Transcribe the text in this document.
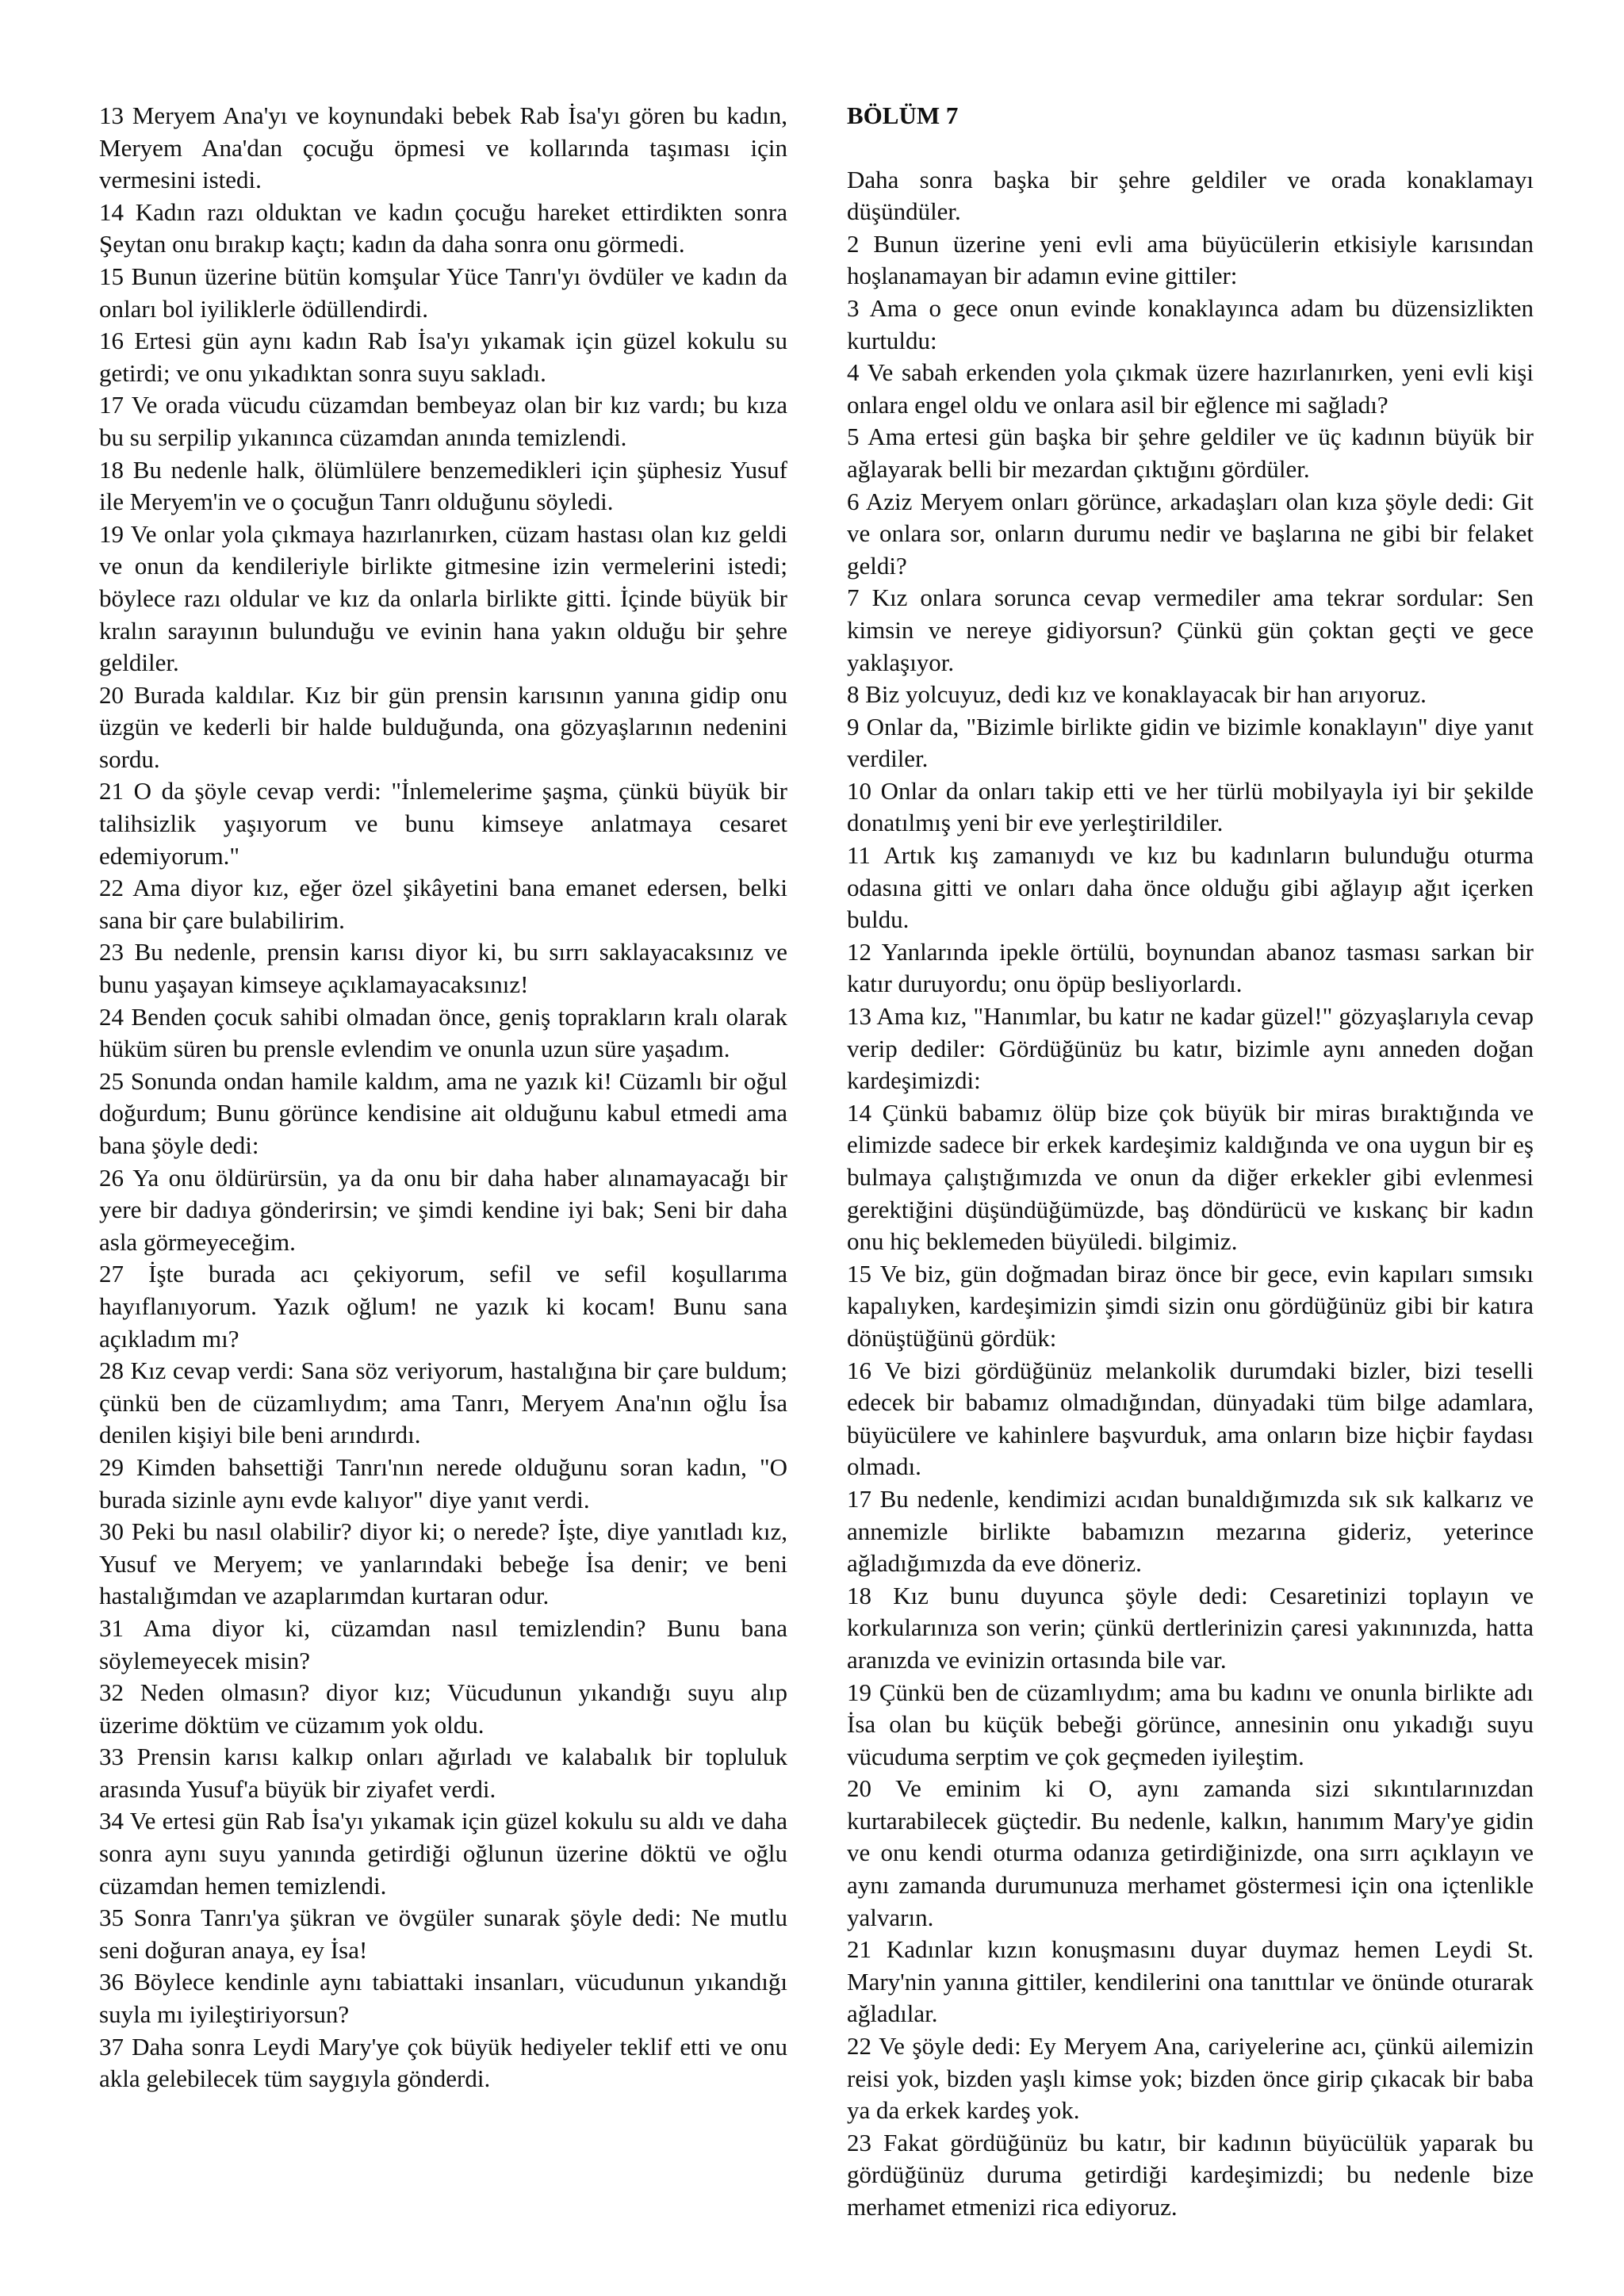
13 Meryem Ana'yı ve koynundaki bebek Rab İsa'yı gören bu kadın, Meryem Ana'dan çocuğu öpmesi ve kollarında taşıması için vermesini istedi.

14 Kadın razı olduktan ve kadın çocuğu hareket ettirdikten sonra Şeytan onu bırakıp kaçtı; kadın da daha sonra onu görmedi.

15 Bunun üzerine bütün komşular Yüce Tanrı'yı övdüler ve kadın da onları bol iyiliklerle ödüllendirdi.

16 Ertesi gün aynı kadın Rab İsa'yı yıkamak için güzel kokulu su getirdi; ve onu yıkadıktan sonra suyu sakladı.

17 Ve orada vücudu cüzamdan bembeyaz olan bir kız vardı; bu kıza bu su serpilip yıkanınca cüzamdan anında temizlendi.

18 Bu nedenle halk, ölümlülere benzemedikleri için şüphesiz Yusuf ile Meryem'in ve o çocuğun Tanrı olduğunu söyledi.

19 Ve onlar yola çıkmaya hazırlanırken, cüzam hastası olan kız geldi ve onun da kendileriyle birlikte gitmesine izin vermelerini istedi; böylece razı oldular ve kız da onlarla birlikte gitti. İçinde büyük bir kralın sarayının bulunduğu ve evinin hana yakın olduğu bir şehre geldiler.

20 Burada kaldılar. Kız bir gün prensin karısının yanına gidip onu üzgün ve kederli bir halde bulduğunda, ona gözyaşlarının nedenini sordu.

21 O da şöyle cevap verdi: "İnlemelerime şaşma, çünkü büyük bir talihsizlik yaşıyorum ve bunu kimseye anlatmaya cesaret edemiyorum."

22 Ama diyor kız, eğer özel şikâyetini bana emanet edersen, belki sana bir çare bulabilirim.

23 Bu nedenle, prensin karısı diyor ki, bu sırrı saklayacaksınız ve bunu yaşayan kimseye açıklamayacaksınız!

24 Benden çocuk sahibi olmadan önce, geniş toprakların kralı olarak hüküm süren bu prensle evlendim ve onunla uzun süre yaşadım.

25 Sonunda ondan hamile kaldım, ama ne yazık ki! Cüzamlı bir oğul doğurdum; Bunu görünce kendisine ait olduğunu kabul etmedi ama bana şöyle dedi:

26 Ya onu öldürürsün, ya da onu bir daha haber alınamayacağı bir yere bir dadıya gönderirsin; ve şimdi kendine iyi bak; Seni bir daha asla görmeyeceğim.

27 İşte burada acı çekiyorum, sefil ve sefil koşullarıma hayıflanıyorum. Yazık oğlum! ne yazık ki kocam! Bunu sana açıkladım mı?

28 Kız cevap verdi: Sana söz veriyorum, hastalığına bir çare buldum; çünkü ben de cüzamlıydım; ama Tanrı, Meryem Ana'nın oğlu İsa denilen kişiyi bile beni arındırdı.

29 Kimden bahsettiği Tanrı'nın nerede olduğunu soran kadın, "O burada sizinle aynı evde kalıyor" diye yanıt verdi.

30 Peki bu nasıl olabilir? diyor ki; o nerede? İşte, diye yanıtladı kız, Yusuf ve Meryem; ve yanlarındaki bebeğe İsa denir; ve beni hastalığımdan ve azaplarımdan kurtaran odur.

31 Ama diyor ki, cüzamdan nasıl temizlendin? Bunu bana söylemeyecek misin?

32 Neden olmasın? diyor kız; Vücudunun yıkandığı suyu alıp üzerime döktüm ve cüzamım yok oldu.

33 Prensin karısı kalkıp onları ağırladı ve kalabalık bir topluluk arasında Yusuf'a büyük bir ziyafet verdi.

34 Ve ertesi gün Rab İsa'yı yıkamak için güzel kokulu su aldı ve daha sonra aynı suyu yanında getirdiği oğlunun üzerine döktü ve oğlu cüzamdan hemen temizlendi.

35 Sonra Tanrı'ya şükran ve övgüler sunarak şöyle dedi: Ne mutlu seni doğuran anaya, ey İsa!

36 Böylece kendinle aynı tabiattaki insanları, vücudunun yıkandığı suyla mı iyileştiriyorsun?

37 Daha sonra Leydi Mary'ye çok büyük hediyeler teklif etti ve onu akla gelebilecek tüm saygıyla gönderdi.

BÖLÜM 7

Daha sonra başka bir şehre geldiler ve orada konaklamayı düşündüler.

2 Bunun üzerine yeni evli ama büyücülerin etkisiyle karısından hoşlanamayan bir adamın evine gittiler:

3 Ama o gece onun evinde konaklayınca adam bu düzensizlikten kurtuldu:

4 Ve sabah erkenden yola çıkmak üzere hazırlanırken, yeni evli kişi onlara engel oldu ve onlara asil bir eğlence mi sağladı?

5 Ama ertesi gün başka bir şehre geldiler ve üç kadının büyük bir ağlayarak belli bir mezardan çıktığını gördüler.

6 Aziz Meryem onları görünce, arkadaşları olan kıza şöyle dedi: Git ve onlara sor, onların durumu nedir ve başlarına ne gibi bir felaket geldi?

7 Kız onlara sorunca cevap vermediler ama tekrar sordular: Sen kimsin ve nereye gidiyorsun? Çünkü gün çoktan geçti ve gece yaklaşıyor.

8 Biz yolcuyuz, dedi kız ve konaklayacak bir han arıyoruz.

9 Onlar da, "Bizimle birlikte gidin ve bizimle konaklayın" diye yanıt verdiler.

10 Onlar da onları takip etti ve her türlü mobilyayla iyi bir şekilde donatılmış yeni bir eve yerleştirildiler.

11 Artık kış zamanıydı ve kız bu kadınların bulunduğu oturma odasına gitti ve onları daha önce olduğu gibi ağlayıp ağıt içerken buldu.

12 Yanlarında ipekle örtülü, boynundan abanoz tasması sarkan bir katır duruyordu; onu öpüp besliyorlardı.

13 Ama kız, "Hanımlar, bu katır ne kadar güzel!" gözyaşlarıyla cevap verip dediler: Gördüğünüz bu katır, bizimle aynı anneden doğan kardeşimizdi:

14 Çünkü babamız ölüp bize çok büyük bir miras bıraktığında ve elimizde sadece bir erkek kardeşimiz kaldığında ve ona uygun bir eş bulmaya çalıştığımızda ve onun da diğer erkekler gibi evlenmesi gerektiğini düşündüğümüzde, baş döndürücü ve kıskanç bir kadın onu hiç beklemeden büyüledi. bilgimiz.

15 Ve biz, gün doğmadan biraz önce bir gece, evin kapıları sımsıkı kapalıyken, kardeşimizin şimdi sizin onu gördüğünüz gibi bir katıra dönüştüğünü gördük:

16 Ve bizi gördüğünüz melankolik durumdaki bizler, bizi teselli edecek bir babamız olmadığından, dünyadaki tüm bilge adamlara, büyücülere ve kahinlere başvurduk, ama onların bize hiçbir faydası olmadı.

17 Bu nedenle, kendimizi acıdan bunaldığımızda sık sık kalkarız ve annemizle birlikte babamızın mezarına gideriz, yeterince ağladığımızda da eve döneriz.

18 Kız bunu duyunca şöyle dedi: Cesaretinizi toplayın ve korkularınıza son verin; çünkü dertlerinizin çaresi yakınınızda, hatta aranızda ve evinizin ortasında bile var.

19 Çünkü ben de cüzamlıydım; ama bu kadını ve onunla birlikte adı İsa olan bu küçük bebeği görünce, annesinin onu yıkadığı suyu vücuduma serptim ve çok geçmeden iyileştim.

20 Ve eminim ki O, aynı zamanda sizi sıkıntılarınızdan kurtarabilecek güçtedir. Bu nedenle, kalkın, hanımım Mary'ye gidin ve onu kendi oturma odanıza getirdiğinizde, ona sırrı açıklayın ve aynı zamanda durumunuza merhamet göstermesi için ona içtenlikle yalvarın.

21 Kadınlar kızın konuşmasını duyar duymaz hemen Leydi St. Mary'nin yanına gittiler, kendilerini ona tanıttılar ve önünde oturarak ağladılar.

22 Ve şöyle dedi: Ey Meryem Ana, cariyelerine acı, çünkü ailemizin reisi yok, bizden yaşlı kimse yok; bizden önce girip çıkacak bir baba ya da erkek kardeş yok.

23 Fakat gördüğünüz bu katır, bir kadının büyücülük yaparak bu gördüğünüz duruma getirdiği kardeşimizdi; bu nedenle bize merhamet etmenizi rica ediyoruz.
